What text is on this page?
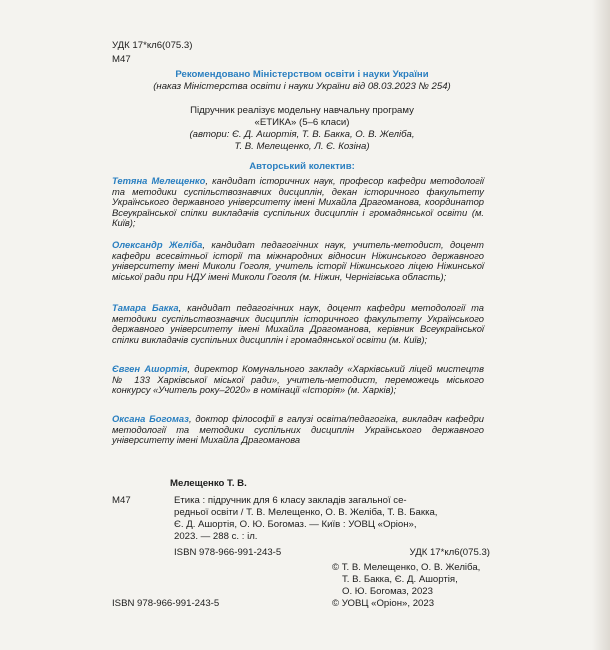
УДК 17*кл6(075.3)
М47
Рекомендовано Міністерством освіти і науки України
(наказ Міністерства освіти і науки України від 08.03.2023 № 254)
Підручник реалізує модельну навчальну програму
«ЕТИКА» (5–6 класи)
(автори: Є. Д. Ашортія, Т. В. Бакка, О. В. Желіба,
Т. В. Мелещенко, Л. Є. Козіна)
Авторський колектив:
Тетяна Мелещенко, кандидат історичних наук, професор кафедри методології та методики суспільствознавчих дисциплін, декан історичного факультету Українського державного університету імені Михайла Драгоманова, координатор Всеукраїнської спілки викладачів суспільних дисциплін і громадянської освіти (м. Київ);
Олександр Желіба, кандидат педагогічних наук, учитель-методист, доцент кафедри всесвітньої історії та міжнародних відносин Ніжинського державного університету імені Миколи Гоголя, учитель історії Ніжинського ліцею Ніжинської міської ради при НДУ імені Миколи Гоголя (м. Ніжин, Чернігівська область);
Тамара Бакка, кандидат педагогічних наук, доцент кафедри методології та методики суспільствознавчих дисциплін історичного факультету Українського державного університету імені Михайла Драгоманова, керівник Всеукраїнської спілки викладачів суспільних дисциплін і громадянської освіти (м. Київ);
Євген Ашортія, директор Комунального закладу «Харківський ліцей мистецтв № 133 Харківської міської ради», учитель-методист, переможець міського конкурсу «Учитель року–2020» в номінації «Історія» (м. Харків);
Оксана Богомаз, доктор філософії в галузі освіта/педагогіка, викладач кафедри методології та методики суспільних дисциплін Українського державного університету імені Михайла Драгоманова
Мелещенко Т. В.
М47	Етика : підручник для 6 класу закладів загальної се-
редньої освіти / Т. В. Мелещенко, О. В. Желіба, Т. В. Бакка,
Є. Д. Ашортія, О. Ю. Богомаз. — Київ : УОВЦ «Оріон»,
2023. — 288 с. : іл.
ISBN 978-966-991-243-5	УДК 17*кл6(075.3)
ISBN 978-966-991-243-5
© Т. В. Мелещенко, О. В. Желіба,
Т. В. Бакка, Є. Д. Ашортія,
О. Ю. Богомаз, 2023
© УОВЦ «Оріон», 2023
